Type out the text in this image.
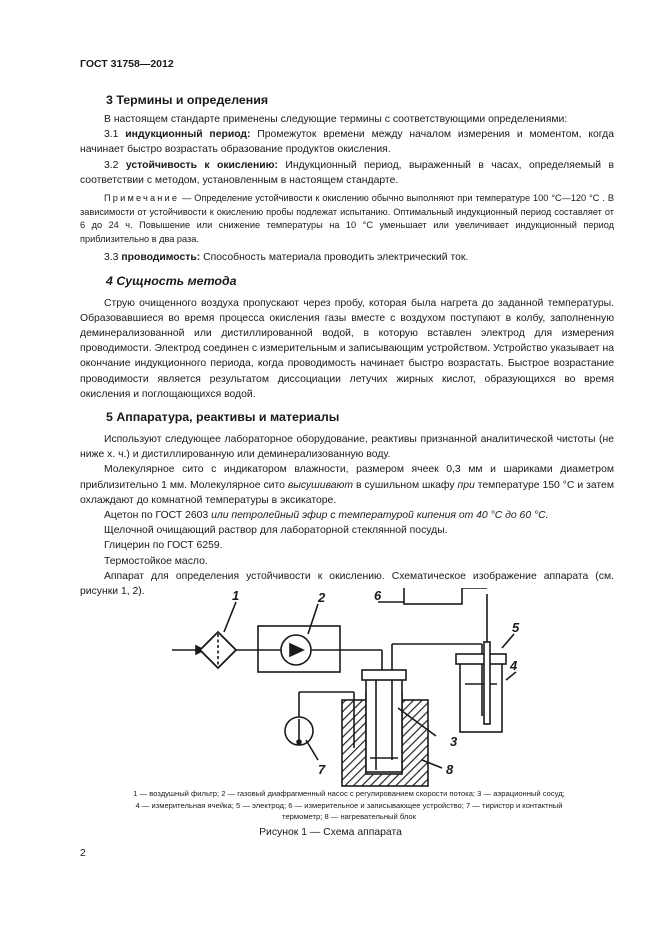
ГОСТ 31758—2012
3 Термины и определения

В настоящем стандарте применены следующие термины с соответствующими определениями:

3.1 индукционный период: Промежуток времени между началом измерения и моментом, когда начинает быстро возрастать образование продуктов окисления.

3.2 устойчивость к окислению: Индукционный период, выраженный в часах, определяемый в соответствии с методом, установленным в настоящем стандарте.

Примечание — Определение устойчивости к окислению обычно выполняют при температуре 100 °С—120 °С . В зависимости от устойчивости к окислению пробы подлежат испытанию. Оптимальный индукционный период составляет от 6 до 24 ч. Повышение или снижение температуры на 10 °С уменьшает или увеличивает индукционный период приблизительно в два раза.

3.3 проводимость: Способность материала проводить электрический ток.

4 Сущность метода

Струю очищенного воздуха пропускают через пробу, которая была нагрета до заданной температуры. Образовавшиеся во время процесса окисления газы вместе с воздухом поступают в колбу, заполненную деминерализованной или дистиллированной водой, в которую вставлен электрод для измерения проводимости. Электрод соединен с измерительным и записывающим устройством. Устройство указывает на окончание индукционного периода, когда проводимость начинает быстро возрастать. Быстрое возрастание проводимости является результатом диссоциации летучих жирных кислот, образующихся во время окисления и поглощающихся водой.

5 Аппаратура, реактивы и материалы

Используют следующее лабораторное оборудование, реактивы признанной аналитической чистоты (не ниже х. ч.) и дистиллированную или деминерализованную воду.

Молекулярное сито с индикатором влажности, размером ячеек 0,3 мм и шариками диаметром приблизительно 1 мм. Молекулярное сито высушивают в сушильном шкафу при температуре 150 °С и затем охлаждают до комнатной температуры в эксикаторе.

Ацетон по ГОСТ 2603 или петролейный эфир с температурой кипения от 40 °С до 60 °С.

Щелочной очищающий раствор для лабораторной стеклянной посуды.

Глицерин по ГОСТ 6259.

Термостойкое масло.

Аппарат для определения устойчивости к окислению. Схематическое изображение аппарата (см. рисунки 1, 2).	1	2
3
4
5
6
7	8
1 — воздушный фильтр; 2 — газовый диафрагменный насос с регулированием скорости потока; 3 — аэрационный сосуд;
4 — измерительная ячейка; 5 — электрод; 6 — измерительное и записывающее устройство; 7 — тиристор и контактный
термометр; 8 — нагревательный блок
Рисунок 1 — Схема аппарата
2
